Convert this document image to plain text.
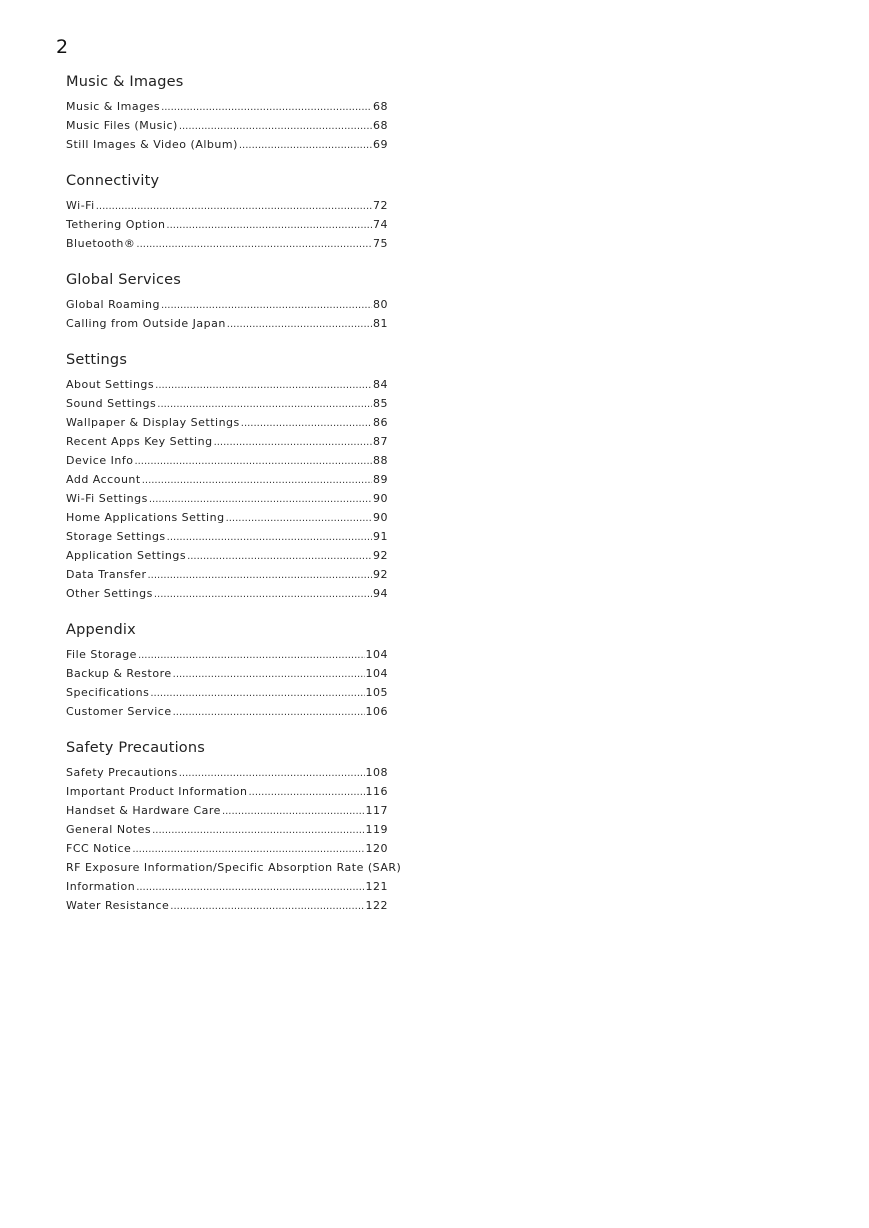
2
Music & Images
Music & Images .....	68
Music Files (Music) .....	68
Still Images & Video (Album) .....	69
Connectivity
Wi-Fi .....	72
Tethering Option .....	74
Bluetooth® .....	75
Global Services
Global Roaming .....	80
Calling from Outside Japan .....	81
Settings
About Settings .....	84
Sound Settings .....	85
Wallpaper & Display Settings .....	86
Recent Apps Key Setting .....	87
Device Info .....	88
Add Account .....	89
Wi-Fi Settings .....	90
Home Applications Setting .....	90
Storage Settings .....	91
Application Settings .....	92
Data Transfer .....	92
Other Settings .....	94
Appendix
File Storage .....	104
Backup & Restore .....	104
Specifications .....	105
Customer Service .....	106
Safety Precautions
Safety Precautions .....	108
Important Product Information .....	116
Handset & Hardware Care .....	117
General Notes .....	119
FCC Notice .....	120
RF Exposure Information/Specific Absorption Rate (SAR)
Information .....	121
Water Resistance .....	122
